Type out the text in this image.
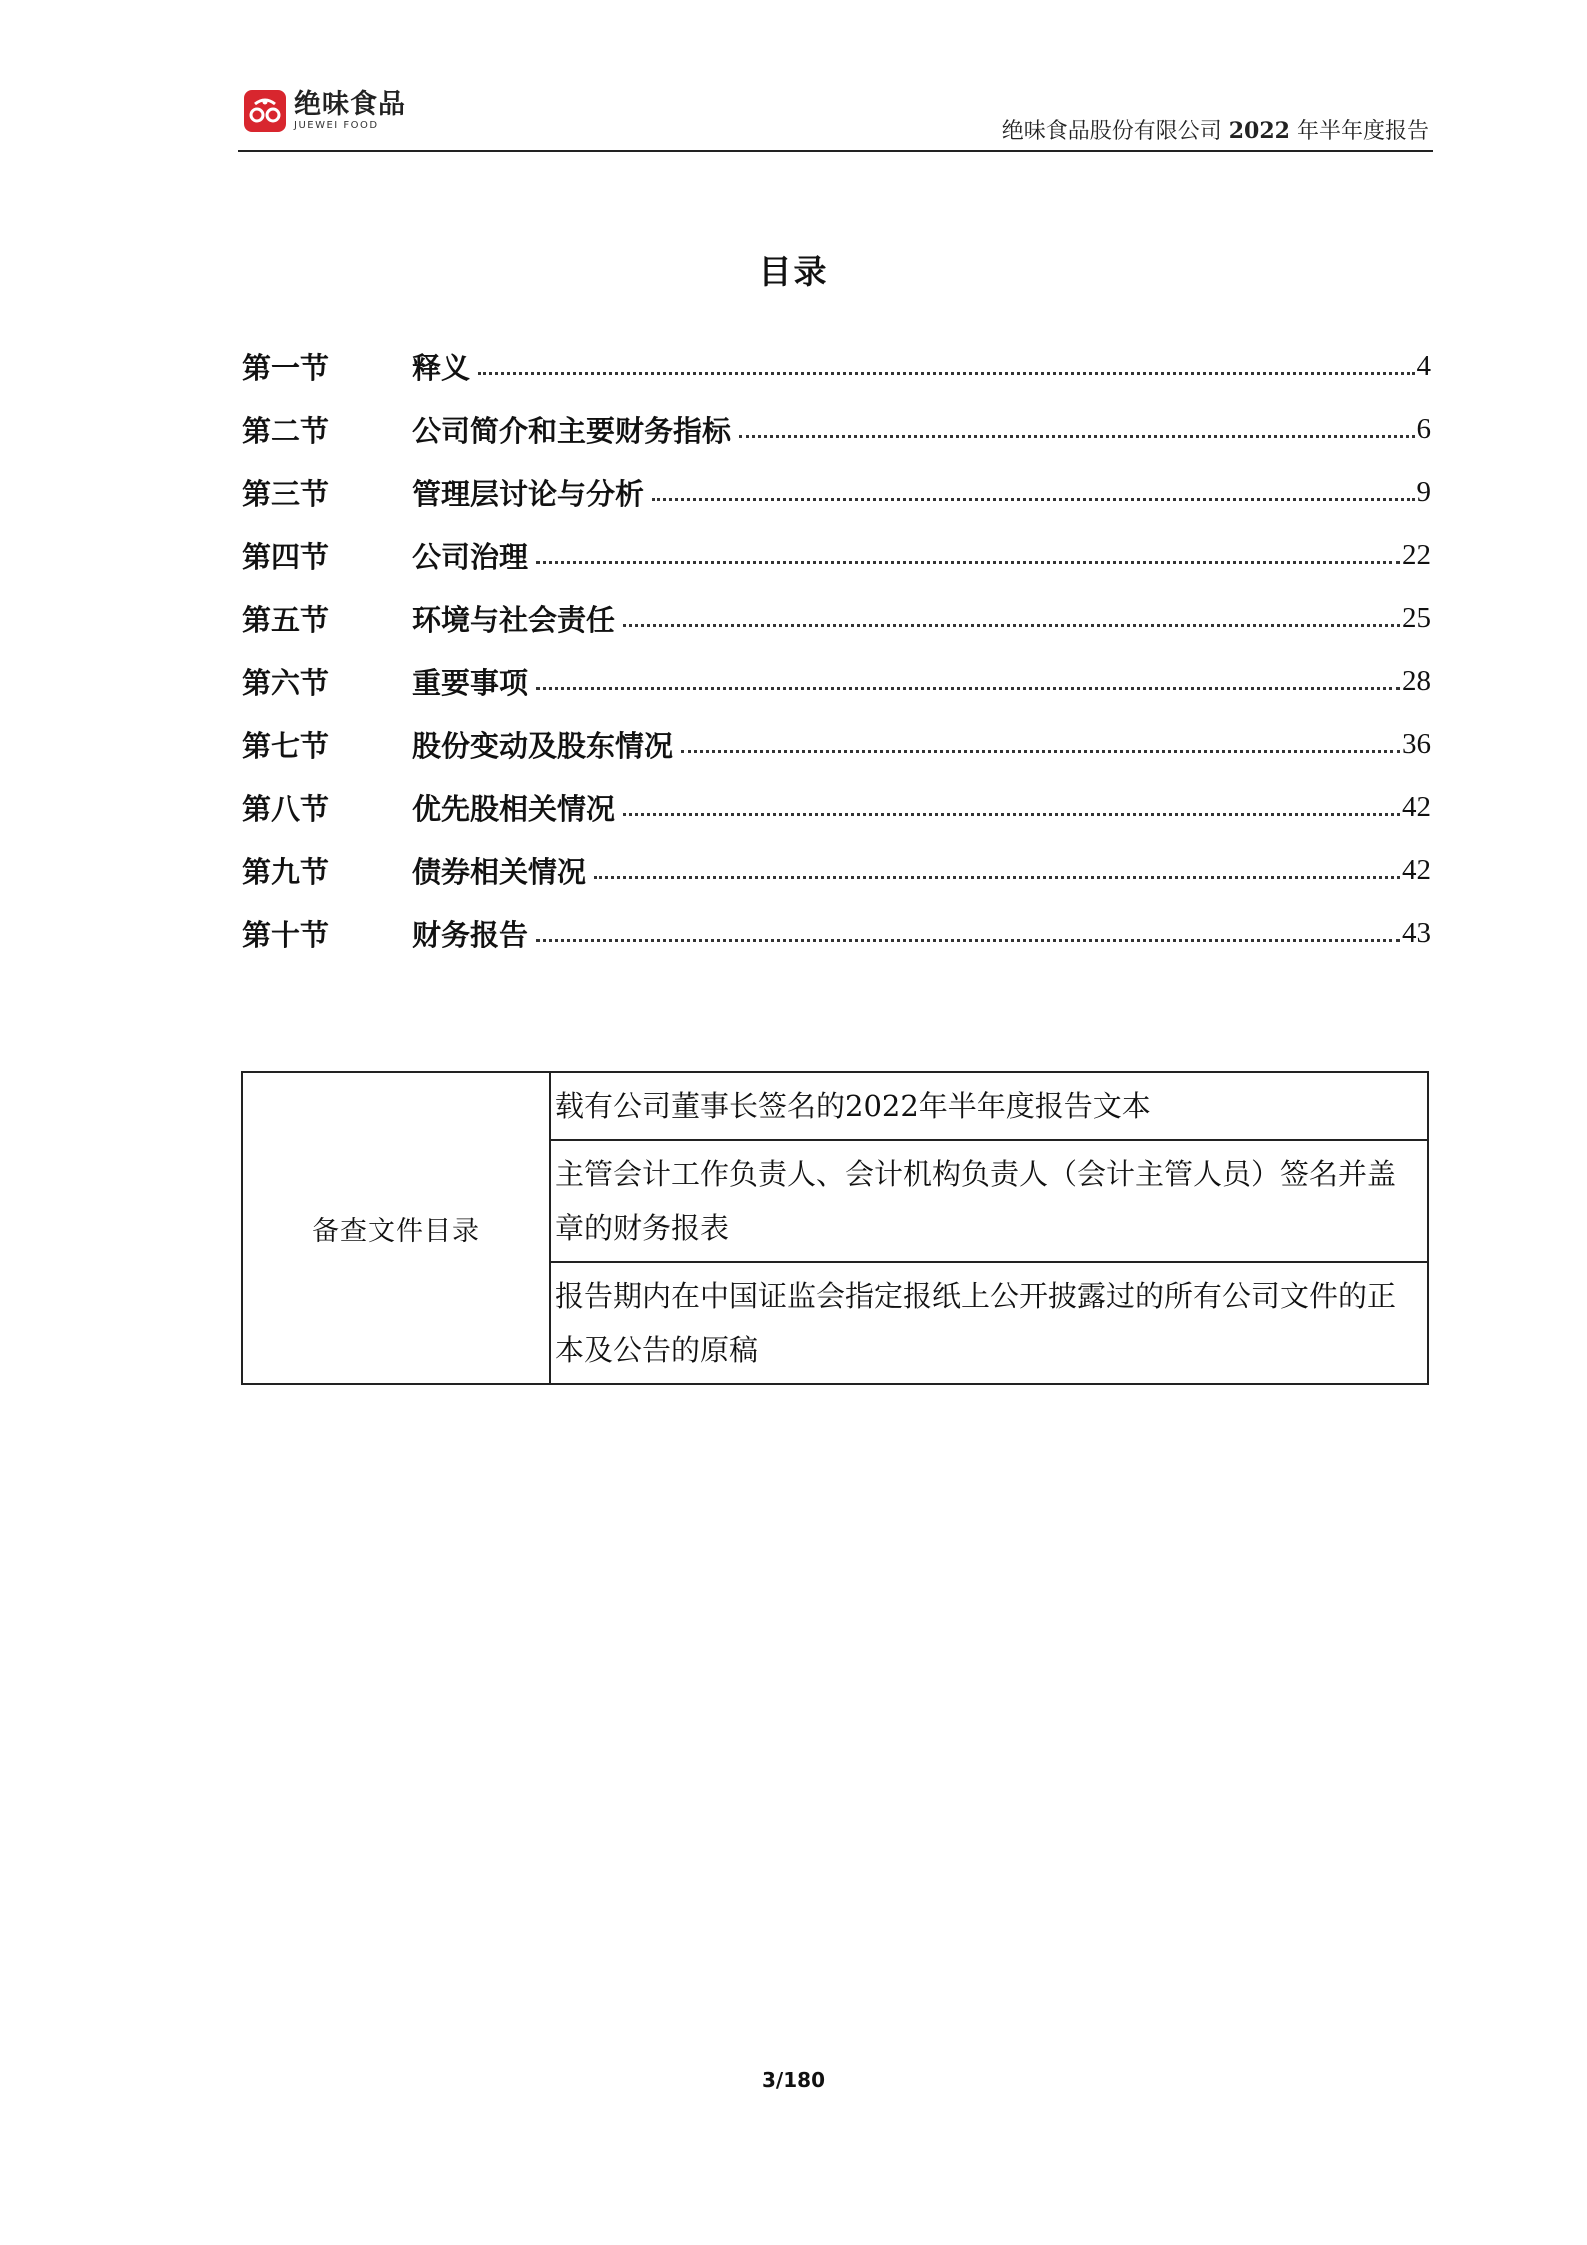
绝味食品
JUEWEI FOOD	绝味食品股份有限公司 2022 年半年度报告
目录
第一节	释义	4
第二节	公司简介和主要财务指标	6
第三节	管理层讨论与分析	9
第四节	公司治理	22
第五节	环境与社会责任	25
第六节	重要事项	28
第七节	股份变动及股东情况	36
第八节	优先股相关情况	42
第九节	债券相关情况	42
第十节	财务报告	43
备查文件目录	载有公司董事长签名的2022年半年度报告文本
主管会计工作负责人、会计机构负责人（会计主管人员）签名并盖章的财务报表
报告期内在中国证监会指定报纸上公开披露过的所有公司文件的正本及公告的原稿
3/180
